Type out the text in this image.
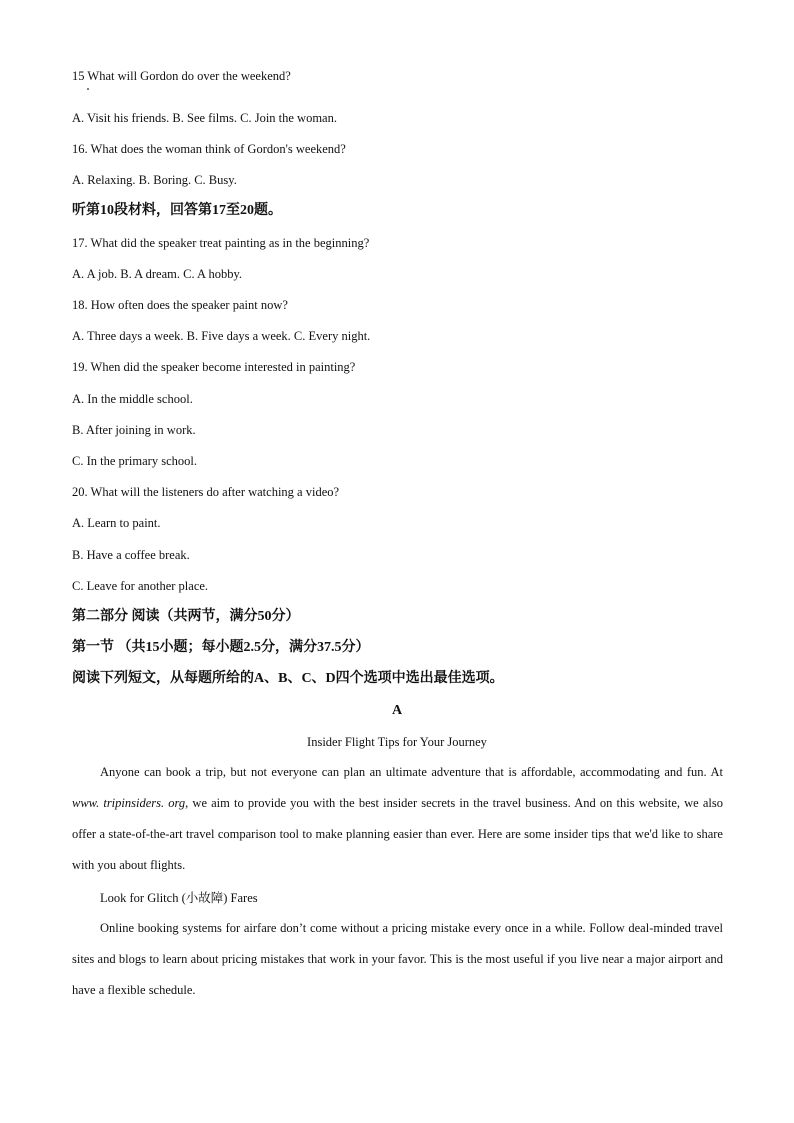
15 What will Gordon do over the weekend?
A. Visit his friends. B. See films. C. Join the woman.
16. What does the woman think of Gordon's weekend?
A. Relaxing. B. Boring. C. Busy.
听第10段材料，回答第17至20题。
17. What did the speaker treat painting as in the beginning?
A. A job. B. A dream. C. A hobby.
18. How often does the speaker paint now?
A. Three days a week. B. Five days a week. C. Every night.
19. When did the speaker become interested in painting?
A. In the middle school.
B. After joining in work.
C. In the primary school.
20. What will the listeners do after watching a video?
A. Learn to paint.
B. Have a coffee break.
C. Leave for another place.
第二部分 阅读（共两节，满分50分）
第一节 （共15小题；每小题2.5分，满分37.5分）
阅读下列短文，从每题所给的A、B、C、D四个选项中选出最佳选项。
A
Insider Flight Tips for Your Journey
Anyone can book a trip, but not everyone can plan an ultimate adventure that is affordable, accommodating and fun. At www. tripinsiders. org, we aim to provide you with the best insider secrets in the travel business. And on this website, we also offer a state-of-the-art travel comparison tool to make planning easier than ever. Here are some insider tips that we'd like to share with you about flights.
Look for Glitch (小故障) Fares
Online booking systems for airfare don’t come without a pricing mistake every once in a while. Follow deal-minded travel sites and blogs to learn about pricing mistakes that work in your favor. This is the most useful if you live near a major airport and have a flexible schedule.
